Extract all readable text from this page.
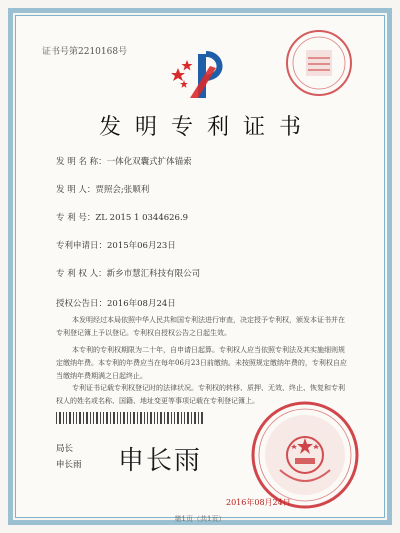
证书号第2210168号
发明专利证书
发 明 名 称：一体化双囊式扩体锚索
发 明 人：贾照会;张顺利
专 利 号：ZL 2015 1 0344626.9
专利申请日：2015年06月23日
专 利 权 人：新乡市慧汇科技有限公司
授权公告日：2016年08月24日
本发明经过本局依照中华人民共和国专利法进行审查，决定授予专利权，颁发本证书并在专利登记簿上予以登记。专利权自授权公告之日起生效。
本专利的专利权期限为二十年，自申请日起算。专利权人应当依照专利法及其实施细则规定缴纳年费。本专利的年费应当在每年06月23日前缴纳。未按照规定缴纳年费的，专利权自应当缴纳年费期满之日起终止。
专利证书记载专利权登记时的法律状况。专利权的转移、质押、无效、终止、恢复和专利权人的姓名或名称、国籍、地址变更等事项记载在专利登记簿上。
局长
申长雨 申长雨
2016年08月24日
第1页（共1页）
